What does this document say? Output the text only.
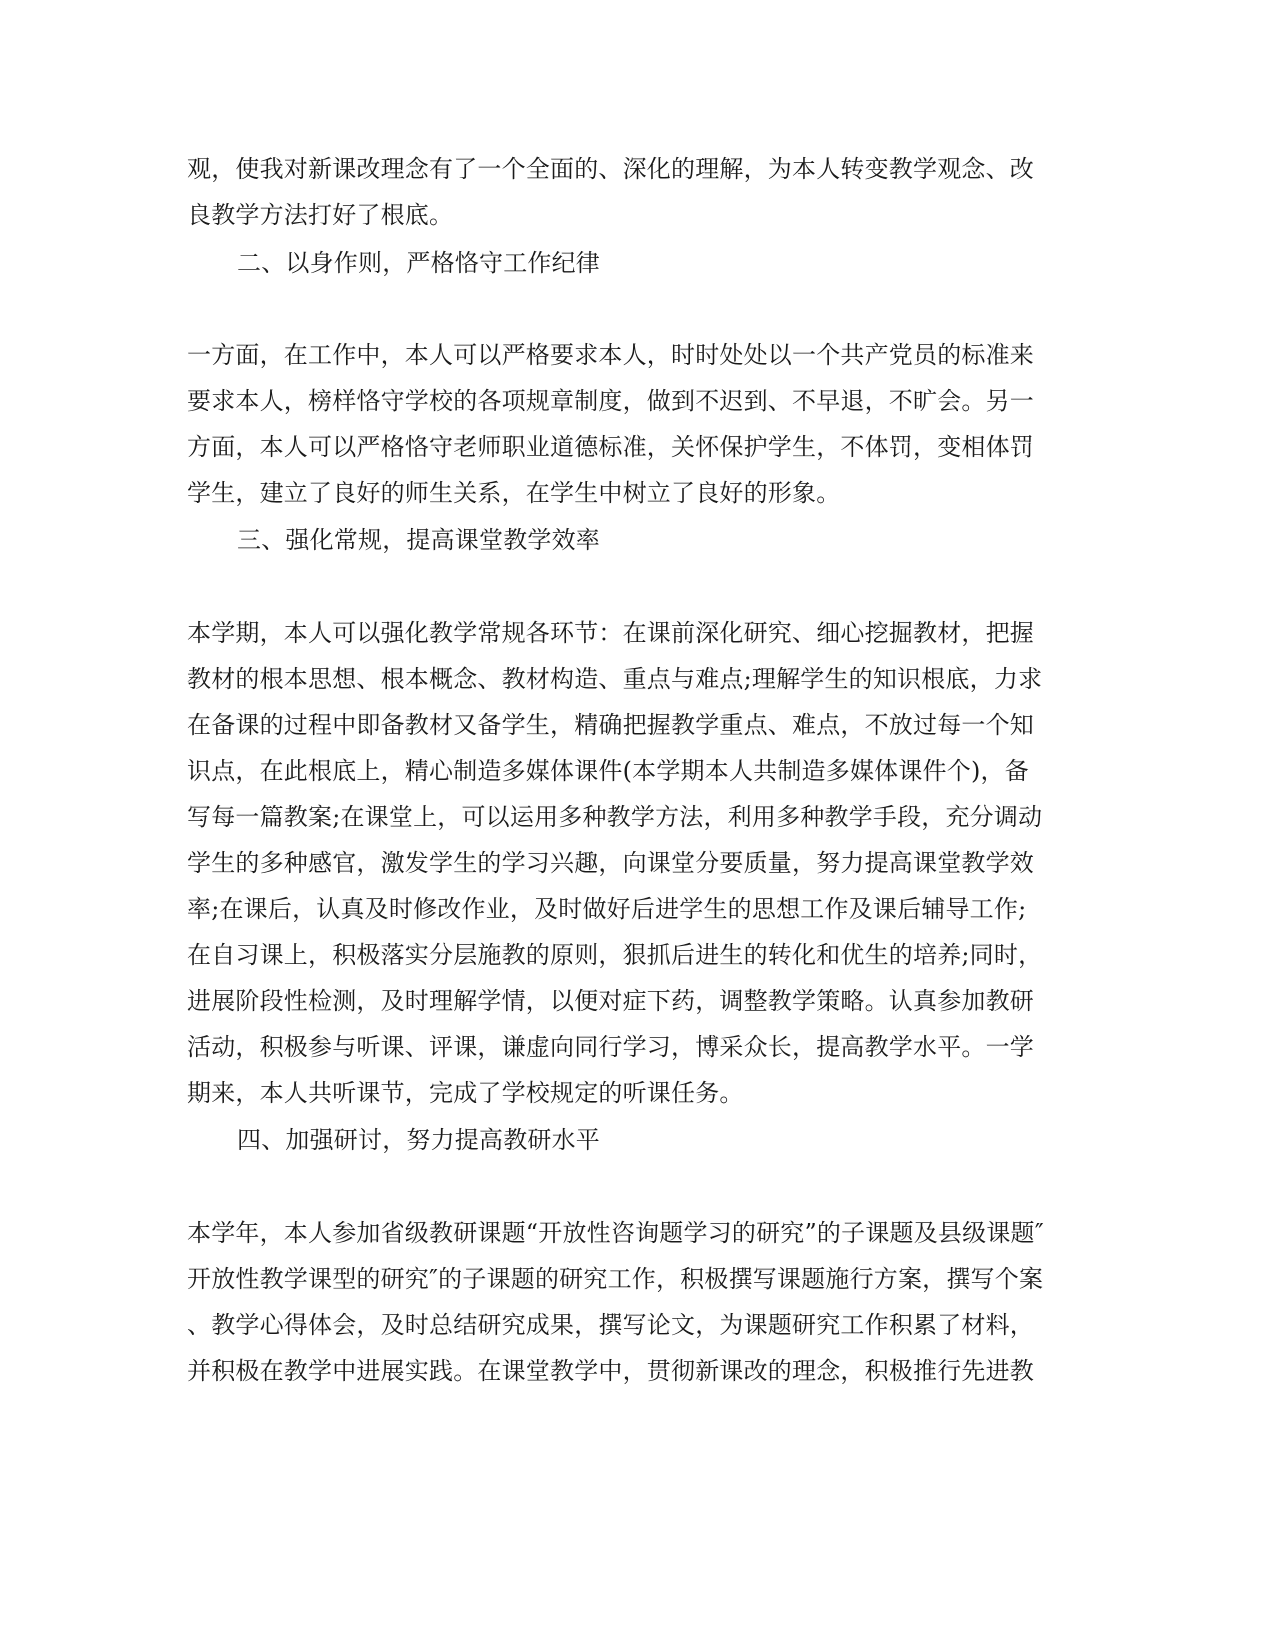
观，使我对新课改理念有了一个全面的、深化的理解，为本人转变教学观念、改
良教学方法打好了根底。
二、以身作则，严格恪守工作纪律
一方面，在工作中，本人可以严格要求本人，时时处处以一个共产党员的标准来
要求本人，榜样恪守学校的各项规章制度，做到不迟到、不早退，不旷会。另一
方面，本人可以严格恪守老师职业道德标准，关怀保护学生，不体罚，变相体罚
学生，建立了良好的师生关系，在学生中树立了良好的形象。
三、强化常规，提高课堂教学效率
本学期，本人可以强化教学常规各环节：在课前深化研究、细心挖掘教材，把握
教材的根本思想、根本概念、教材构造、重点与难点;理解学生的知识根底，力求
在备课的过程中即备教材又备学生，精确把握教学重点、难点，不放过每一个知
识点，在此根底上，精心制造多媒体课件(本学期本人共制造多媒体课件个)，备
写每一篇教案;在课堂上，可以运用多种教学方法，利用多种教学手段，充分调动
学生的多种感官，激发学生的学习兴趣，向课堂分要质量，努力提高课堂教学效
率;在课后，认真及时修改作业，及时做好后进学生的思想工作及课后辅导工作;
在自习课上，积极落实分层施教的原则，狠抓后进生的转化和优生的培养;同时，
进展阶段性检测，及时理解学情，以便对症下药，调整教学策略。认真参加教研
活动，积极参与听课、评课，谦虚向同行学习，博采众长，提高教学水平。一学
期来，本人共听课节，完成了学校规定的听课任务。
四、加强研讨，努力提高教研水平
本学年，本人参加省级教研课题“开放性咨询题学习的研究”的子课题及县级课题″
开放性教学课型的研究″的子课题的研究工作，积极撰写课题施行方案，撰写个案
、教学心得体会，及时总结研究成果，撰写论文，为课题研究工作积累了材料，
并积极在教学中进展实践。在课堂教学中，贯彻新课改的理念，积极推行先进教
